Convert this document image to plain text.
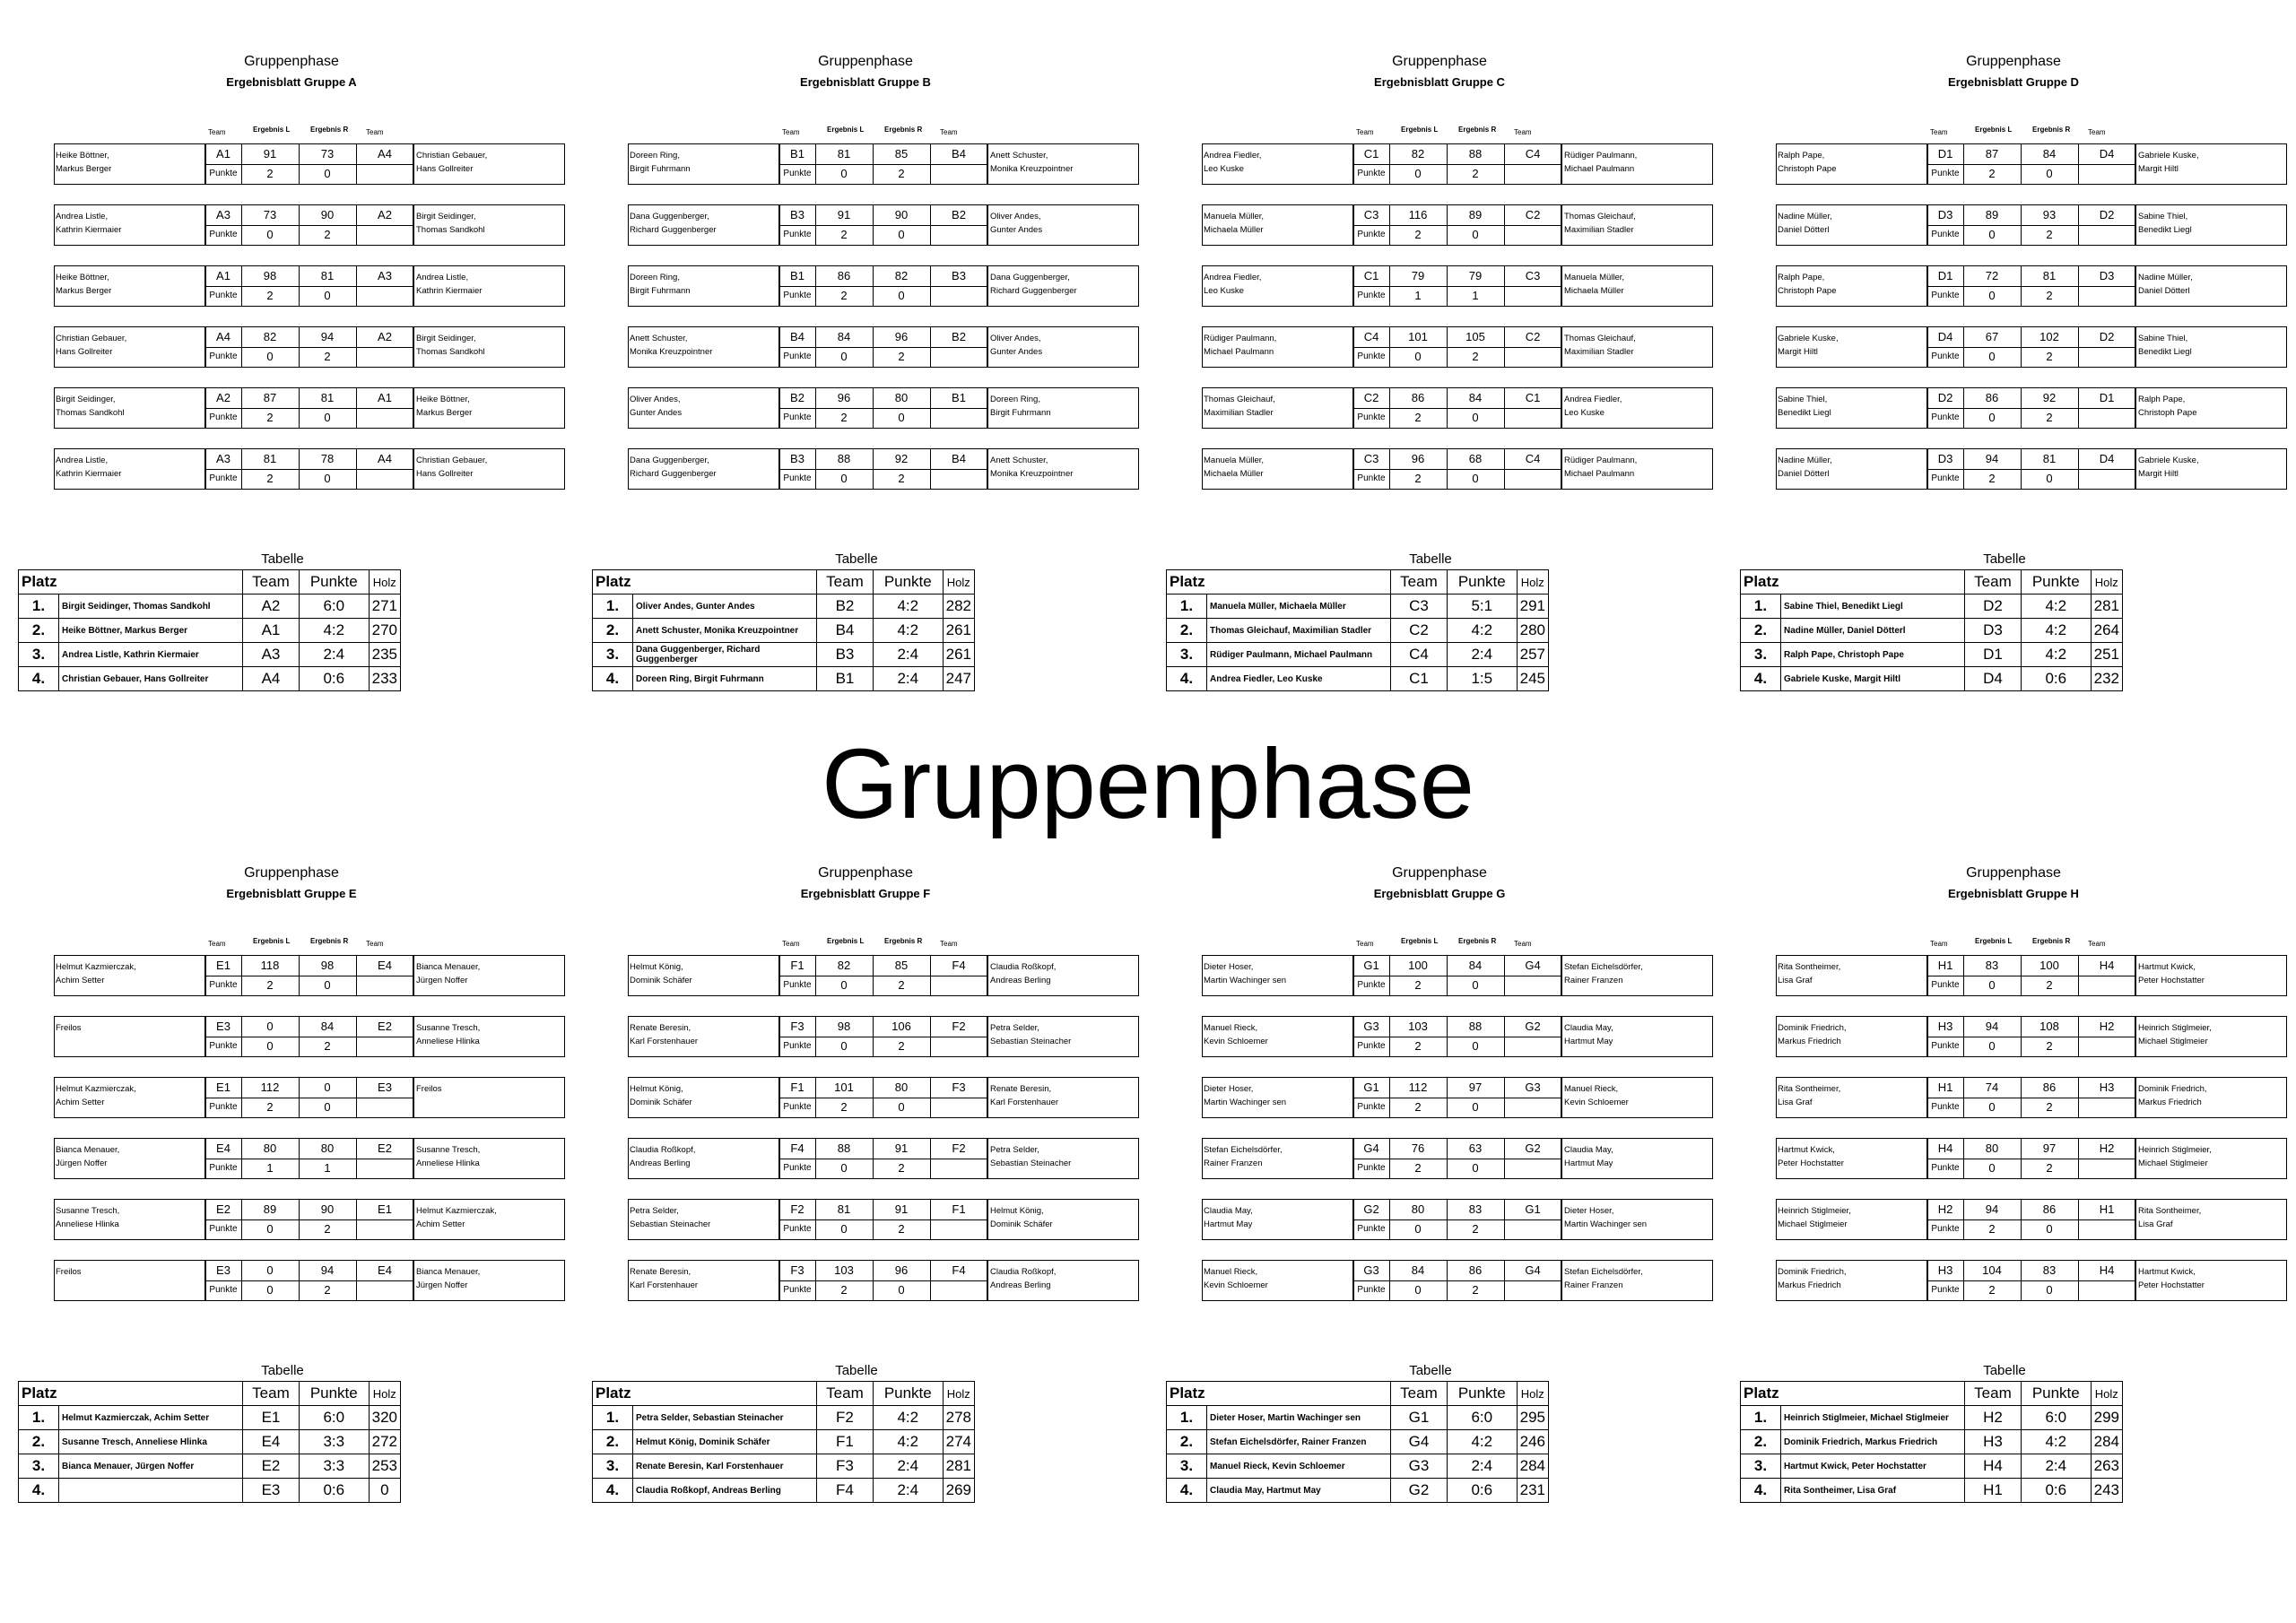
Gruppenphase
Ergebnisblatt Gruppe A
Team	Ergebnis L	Ergebnis R Team
Heike Böttner,
Markus Berger
A1	91	73	A4
Punkte	2	0
Christian Gebauer,
Hans Gollreiter
Andrea Listle,
Kathrin Kiermaier
A3	73	90	A2
Punkte	0	2
Birgit Seidinger,
Thomas Sandkohl
Heike Böttner,
Markus Berger
A1	98	81	A3
Punkte	2	0
Andrea Listle,
Kathrin Kiermaier
Christian Gebauer,
Hans Gollreiter
A4	82	94	A2
Punkte	0	2
Birgit Seidinger,
Thomas Sandkohl
Birgit Seidinger,
Thomas Sandkohl
A2	87	81	A1
Punkte	2	0
Heike Böttner,
Markus Berger
Andrea Listle,
Kathrin Kiermaier
A3	81	78	A4
Punkte	2	0
Christian Gebauer,
Hans Gollreiter
Tabelle
Platz		Team	Punkte	Holz
1.	Birgit Seidinger, Thomas Sandkohl	A2	6:0	271
2.	Heike Böttner, Markus Berger	A1	4:2	270
3.	Andrea Listle, Kathrin Kiermaier	A3	2:4	235
4.	Christian Gebauer, Hans Gollreiter	A4	0:6	233
Gruppenphase
Ergebnisblatt Gruppe B
Team	Ergebnis L	Ergebnis R Team
Doreen Ring,
Birgit Fuhrmann
B1	81	85	B4
Punkte	0	2
Anett Schuster,
Monika Kreuzpointner
Dana Guggenberger,
Richard Guggenberger
B3	91	90	B2
Punkte	2	0
Oliver Andes,
Gunter Andes
Doreen Ring,
Birgit Fuhrmann
B1	86	82	B3
Punkte	2	0
Dana Guggenberger,
Richard Guggenberger
Anett Schuster,
Monika Kreuzpointner
B4	84	96	B2
Punkte	0	2
Oliver Andes,
Gunter Andes
Oliver Andes,
Gunter Andes
B2	96	80	B1
Punkte	2	0
Doreen Ring,
Birgit Fuhrmann
Dana Guggenberger,
Richard Guggenberger
B3	88	92	B4
Punkte	0	2
Anett Schuster,
Monika Kreuzpointner
Tabelle
Platz		Team	Punkte	Holz
1.	Oliver Andes, Gunter Andes	B2	4:2	282
2.	Anett Schuster, Monika Kreuzpointner	B4	4:2	261
3.	Dana Guggenberger, Richard Guggenberger	B3	2:4	261
4.	Doreen Ring, Birgit Fuhrmann	B1	2:4	247
Gruppenphase
Ergebnisblatt Gruppe C
Team	Ergebnis L	Ergebnis R Team
Andrea Fiedler,
Leo Kuske
C1	82	88	C4
Punkte	0	2
Rüdiger Paulmann,
Michael Paulmann
Manuela Müller,
Michaela Müller
C3	116	89	C2
Punkte	2	0
Thomas Gleichauf,
Maximilian Stadler
Andrea Fiedler,
Leo Kuske
C1	79	79	C3
Punkte	1	1
Manuela Müller,
Michaela Müller
Rüdiger Paulmann,
Michael Paulmann
C4	101	105	C2
Punkte	0	2
Thomas Gleichauf,
Maximilian Stadler
Thomas Gleichauf,
Maximilian Stadler
C2	86	84	C1
Punkte	2	0
Andrea Fiedler,
Leo Kuske
Manuela Müller,
Michaela Müller
C3	96	68	C4
Punkte	2	0
Rüdiger Paulmann,
Michael Paulmann
Tabelle
Platz		Team	Punkte	Holz
1.	Manuela Müller, Michaela Müller	C3	5:1	291
2.	Thomas Gleichauf, Maximilian Stadler	C2	4:2	280
3.	Rüdiger Paulmann, Michael Paulmann	C4	2:4	257
4.	Andrea Fiedler, Leo Kuske	C1	1:5	245
Gruppenphase
Ergebnisblatt Gruppe D
Team	Ergebnis L	Ergebnis R Team
Ralph Pape,
Christoph Pape
D1	87	84	D4
Punkte	2	0
Gabriele Kuske,
Margit Hiltl
Nadine Müller,
Daniel Dötterl
D3	89	93	D2
Punkte	0	2
Sabine Thiel,
Benedikt Liegl
Ralph Pape,
Christoph Pape
D1	72	81	D3
Punkte	0	2
Nadine Müller,
Daniel Dötterl
Gabriele Kuske,
Margit Hiltl
D4	67	102	D2
Punkte	0	2
Sabine Thiel,
Benedikt Liegl
Sabine Thiel,
Benedikt Liegl
D2	86	92	D1
Punkte	0	2
Ralph Pape,
Christoph Pape
Nadine Müller,
Daniel Dötterl
D3	94	81	D4
Punkte	2	0
Gabriele Kuske,
Margit Hiltl
Tabelle
Platz		Team	Punkte	Holz
1.	Sabine Thiel, Benedikt Liegl	D2	4:2	281
2.	Nadine Müller, Daniel Dötterl	D3	4:2	264
3.	Ralph Pape, Christoph Pape	D1	4:2	251
4.	Gabriele Kuske, Margit Hiltl	D4	0:6	232
Gruppenphase
Ergebnisblatt Gruppe E
Team	Ergebnis L	Ergebnis R Team
Helmut Kazmierczak,
Achim Setter
E1	118	98	E4
Punkte	2	0
Bianca Menauer,
Jürgen Noffer
Freilos	E3	0	84	E2
Punkte	0	2
Susanne Tresch,
Anneliese Hlinka
Helmut Kazmierczak,
Achim Setter
E1	112	0	E3
Punkte	2	0
Freilos
Bianca Menauer,
Jürgen Noffer
E4	80	80	E2
Punkte	1	1
Susanne Tresch,
Anneliese Hlinka
Susanne Tresch,
Anneliese Hlinka
E2	89	90	E1
Punkte	0	2
Helmut Kazmierczak,
Achim Setter
Freilos	E3	0	94	E4
Punkte	0	2
Bianca Menauer,
Jürgen Noffer
Tabelle
Platz		Team	Punkte	Holz
1.	Helmut Kazmierczak, Achim Setter	E1	6:0	320
2.	Susanne Tresch, Anneliese Hlinka	E4	3:3	272
3.	Bianca Menauer, Jürgen Noffer	E2	3:3	253
4.		E3	0:6	0
Gruppenphase
Ergebnisblatt Gruppe F
Team	Ergebnis L	Ergebnis R Team
Helmut König,
Dominik Schäfer
F1	82	85	F4
Punkte	0	2
Claudia Roßkopf,
Andreas Berling
Renate Beresin,
Karl Forstenhauer
F3	98	106	F2
Punkte	0	2
Petra Selder,
Sebastian Steinacher
Helmut König,
Dominik Schäfer
F1	101	80	F3
Punkte	2	0
Renate Beresin,
Karl Forstenhauer
Claudia Roßkopf,
Andreas Berling
F4	88	91	F2
Punkte	0	2
Petra Selder,
Sebastian Steinacher
Petra Selder,
Sebastian Steinacher
F2	81	91	F1
Punkte	0	2
Helmut König,
Dominik Schäfer
Renate Beresin,
Karl Forstenhauer
F3	103	96	F4
Punkte	2	0
Claudia Roßkopf,
Andreas Berling
Tabelle
Platz		Team	Punkte	Holz
1.	Petra Selder, Sebastian Steinacher	F2	4:2	278
2.	Helmut König, Dominik Schäfer	F1	4:2	274
3.	Renate Beresin, Karl Forstenhauer	F3	2:4	281
4.	Claudia Roßkopf, Andreas Berling	F4	2:4	269
Gruppenphase
Ergebnisblatt Gruppe G
Team	Ergebnis L	Ergebnis R Team
Dieter Hoser,
Martin Wachinger sen
G1	100	84	G4
Punkte	2	0
Stefan Eichelsdörfer,
Rainer Franzen
Manuel Rieck,
Kevin Schloemer
G3	103	88	G2
Punkte	2	0
Claudia May,
Hartmut May
Dieter Hoser,
Martin Wachinger sen
G1	112	97	G3
Punkte	2	0
Manuel Rieck,
Kevin Schloemer
Stefan Eichelsdörfer,
Rainer Franzen
G4	76	63	G2
Punkte	2	0
Claudia May,
Hartmut May
Claudia May,
Hartmut May
G2	80	83	G1
Punkte	0	2
Dieter Hoser,
Martin Wachinger sen
Manuel Rieck,
Kevin Schloemer
G3	84	86	G4
Punkte	0	2
Stefan Eichelsdörfer,
Rainer Franzen
Tabelle
Platz		Team	Punkte	Holz
1.	Dieter Hoser, Martin Wachinger sen	G1	6:0	295
2.	Stefan Eichelsdörfer, Rainer Franzen	G4	4:2	246
3.	Manuel Rieck, Kevin Schloemer	G3	2:4	284
4.	Claudia May, Hartmut May	G2	0:6	231
Gruppenphase
Ergebnisblatt Gruppe H
Team	Ergebnis L	Ergebnis R Team
Rita Sontheimer,
Lisa Graf
H1	83	100	H4
Punkte	0	2
Hartmut Kwick,
Peter Hochstatter
Dominik Friedrich,
Markus Friedrich
H3	94	108	H2
Punkte	0	2
Heinrich Stiglmeier,
Michael Stiglmeier
Rita Sontheimer,
Lisa Graf
H1	74	86	H3
Punkte	0	2
Dominik Friedrich,
Markus Friedrich
Hartmut Kwick,
Peter Hochstatter
H4	80	97	H2
Punkte	0	2
Heinrich Stiglmeier,
Michael Stiglmeier
Heinrich Stiglmeier,
Michael Stiglmeier
H2	94	86	H1
Punkte	2	0
Rita Sontheimer,
Lisa Graf
Dominik Friedrich,
Markus Friedrich
H3	104	83	H4
Punkte	2	0
Hartmut Kwick,
Peter Hochstatter
Tabelle
Platz		Team	Punkte	Holz
1.	Heinrich Stiglmeier, Michael Stiglmeier	H2	6:0	299
2.	Dominik Friedrich, Markus Friedrich	H3	4:2	284
3.	Hartmut Kwick, Peter Hochstatter	H4	2:4	263
4.	Rita Sontheimer, Lisa Graf	H1	0:6	243
Gruppenphase
